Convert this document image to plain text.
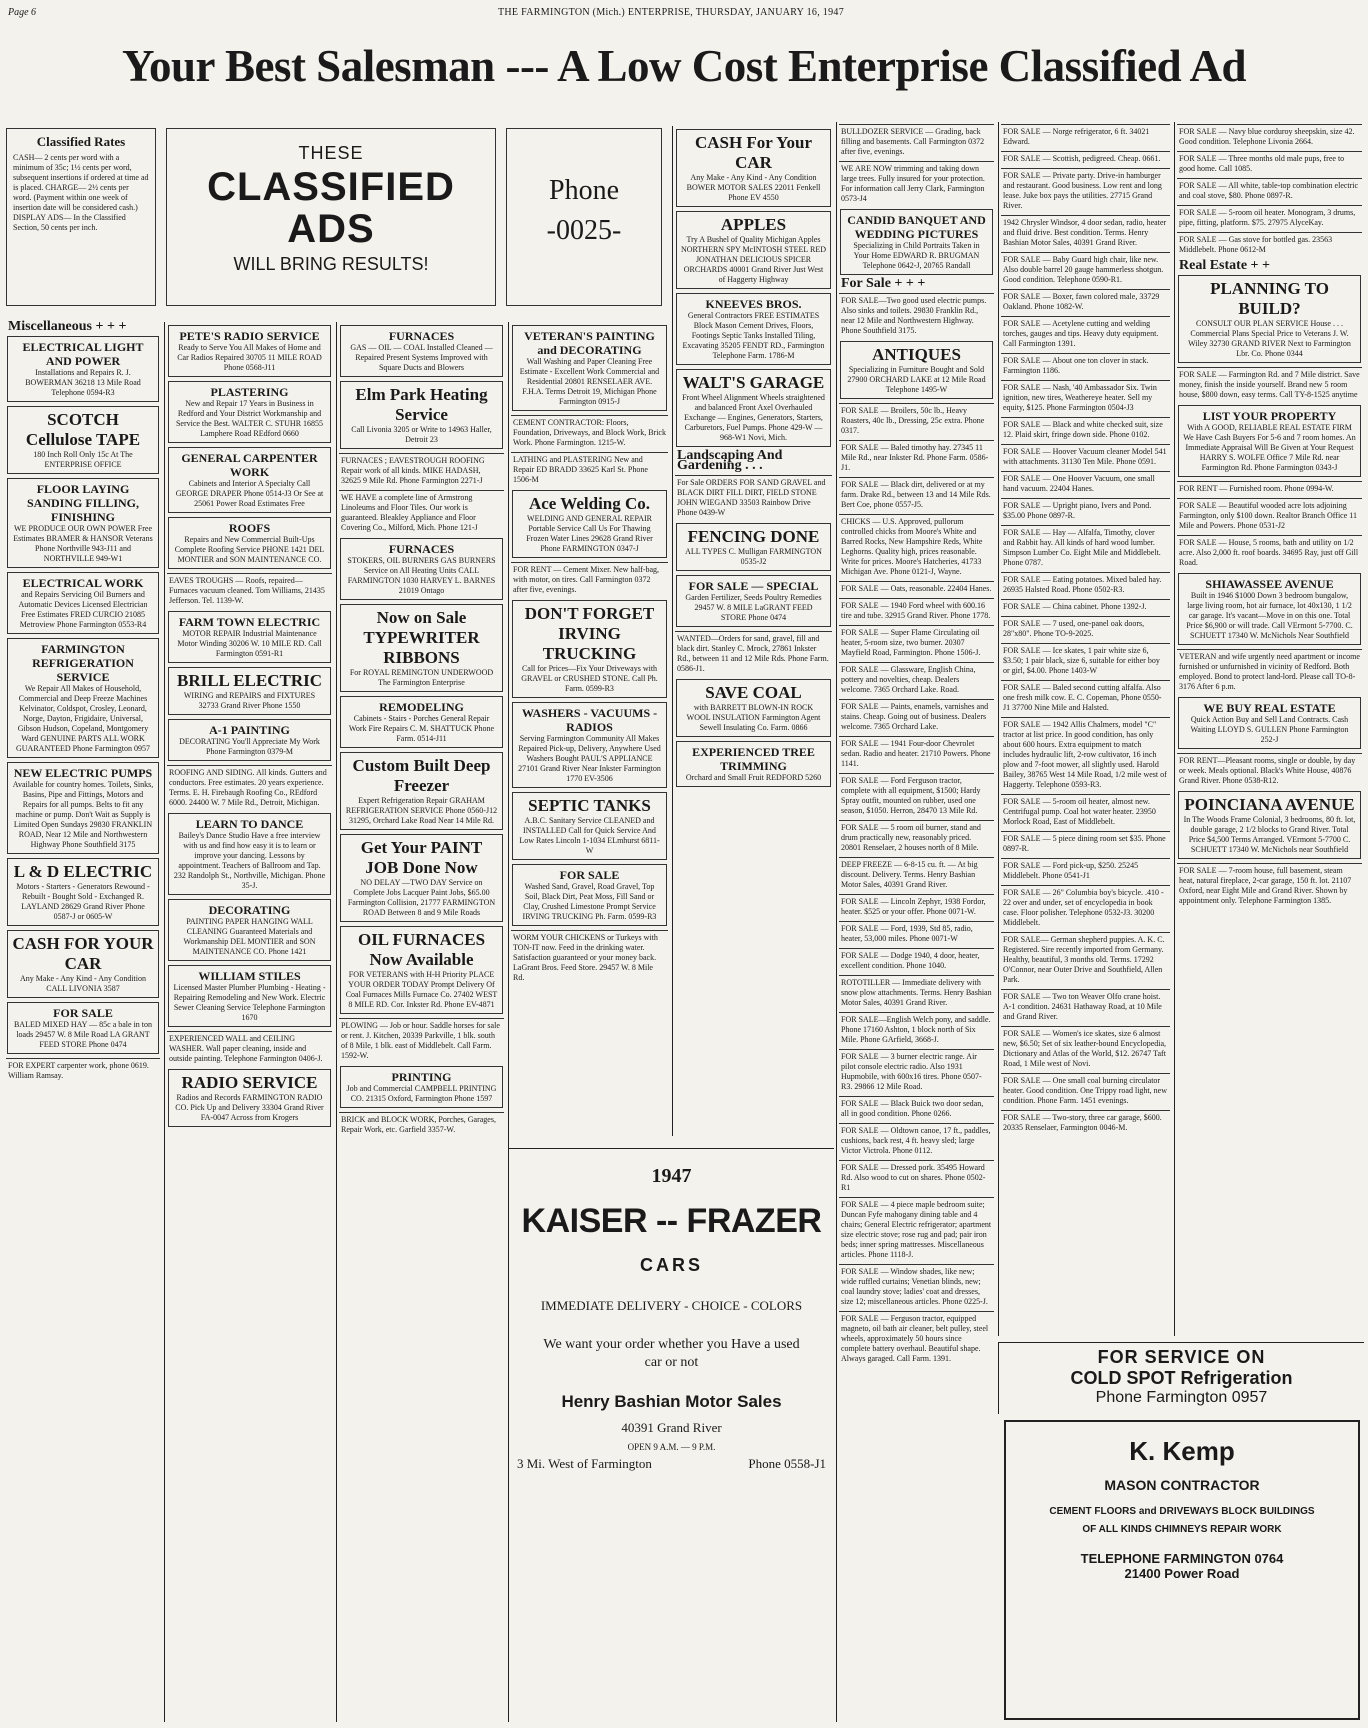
Page 6	THE FARMINGTON (Mich.) ENTERPRISE, THURSDAY, JANUARY 16, 1947
Your Best Salesman --- A Low Cost Enterprise Classified Ad
Classified Rates
CASH— 2 cents per word with a minimum of 35c; 1½ cents per word, subsequent insertions if ordered at time ad is placed. CHARGE— 2½ cents per word. (Payment within one week of insertion date will be considered cash.) DISPLAY ADS— In the Classified Section, 50 cents per inch.
THESE
CLASSIFIED
ADS
WILL BRING RESULTS!
Phone
-0025-
Miscellaneous + + +
ELECTRICAL LIGHT AND POWER
Installations and Repairs R. J. BOWERMAN 36218 13 Mile Road Telephone 0594-R3
SCOTCH Cellulose TAPE
180 Inch Roll Only 15c At The ENTERPRISE OFFICE
FLOOR LAYING SANDING FILLING, FINISHING
WE PRODUCE OUR OWN POWER Free Estimates BRAMER & HANSOR Veterans Phone Northville 943-J11 and NORTHVILLE 949-W1
ELECTRICAL WORK
and Repairs Servicing Oil Burners and Automatic Devices Licensed Electrician Free Estimates FRED CURCIO 21085 Metroview Phone Farmington 0553-R4
FARMINGTON REFRIGERATION SERVICE
We Repair All Makes of Household, Commercial and Deep Freeze Machines Kelvinator, Coldspot, Crosley, Leonard, Norge, Dayton, Frigidaire, Universal, Gibson Hudson, Copeland, Montgomery Ward GENUINE PARTS ALL WORK GUARANTEED Phone Farmington 0957
NEW ELECTRIC PUMPS
Available for country homes. Toilets, Sinks, Basins, Pipe and Fittings, Motors and Repairs for all pumps. Belts to fit any machine or pump. Don't Wait as Supply is Limited Open Sundays 29830 FRANKLIN ROAD, Near 12 Mile and Northwestern Highway Phone Southfield 3175
L & D ELECTRIC
Motors - Starters - Generators Rewound - Rebuilt - Bought Sold - Exchanged R. LAYLAND 28629 Grand River Phone 0587-J or 0605-W
CASH FOR YOUR CAR
Any Make - Any Kind - Any Condition CALL LIVONIA 3587
FOR SALE
BALED MIXED HAY — 85c a bale in ton loads 29457 W. 8 Mile Road LA GRANT FEED STORE Phone 0474
FOR EXPERT carpenter work, phone 0619. William Ramsay.
PETE'S RADIO SERVICE
Ready to Serve You All Makes of Home and Car Radios Repaired 30705 11 MILE ROAD Phone 0568-J11
PLASTERING
New and Repair 17 Years in Business in Redford and Your District Workmanship and Service the Best. WALTER C. STUHR 16855 Lamphere Road REdford 0660
GENERAL CARPENTER WORK
Cabinets and Interior A Specialty Call GEORGE DRAPER Phone 0514-J3 Or See at 25061 Power Road Estimates Free
ROOFS
Repairs and New Commercial Built-Ups Complete Roofing Service PHONE 1421 DEL MONTIER and SON MAINTENANCE CO.
EAVES TROUGHS — Roofs, repaired—Furnaces vacuum cleaned. Tom Williams, 21435 Jefferson. Tel. 1139-W.
FARM TOWN ELECTRIC
MOTOR REPAIR Industrial Maintenance Motor Winding 30206 W. 10 MILE RD. Call Farmington 0591-R1
BRILL ELECTRIC
WIRING and REPAIRS and FIXTURES 32733 Grand River Phone 1550
A-1 PAINTING
DECORATING You'll Appreciate My Work Phone Farmington 0379-M
ROOFING AND SIDING. All kinds. Gutters and conductors. Free estimates. 20 years experience. Terms. E. H. Firebaugh Roofing Co., REdford 6000. 24400 W. 7 Mile Rd., Detroit, Michigan.
LEARN TO DANCE
Bailey's Dance Studio Have a free interview with us and find how easy it is to learn or improve your dancing. Lessons by appointment. Teachers of Ballroom and Tap. 232 Randolph St., Northville, Michigan. Phone 35-J.
DECORATING
PAINTING PAPER HANGING WALL CLEANING Guaranteed Materials and Workmanship DEL MONTIER and SON MAINTENANCE CO. Phone 1421
WILLIAM STILES
Licensed Master Plumber Plumbing - Heating - Repairing Remodeling and New Work. Electric Sewer Cleaning Service Telephone Farmington 1670
EXPERIENCED WALL and CEILING WASHER. Wall paper cleaning, inside and outside painting. Telephone Farmington 0406-J.
RADIO SERVICE
Radios and Records FARMINGTON RADIO CO. Pick Up and Delivery 33304 Grand River FA-0047 Across from Krogers
FURNACES
GAS — OIL — COAL Installed Cleaned — Repaired Present Systems Improved with Square Ducts and Blowers
Elm Park Heating Service
Call Livonia 3205 or Write to 14963 Haller, Detroit 23
FURNACES ; EAVESTROUGH ROOFING Repair work of all kinds. MIKE HADASH, 32625 9 Mile Rd. Phone Farmington 2271-J
WE HAVE a complete line of Armstrong Linoleums and Floor Tiles. Our work is guaranteed. Bleakley Appliance and Floor Covering Co., Milford, Mich. Phone 121-J
FURNACES
STOKERS, OIL BURNERS GAS BURNERS Service on All Heating Units CALL FARMINGTON 1030 HARVEY L. BARNES 21019 Ontago
Now on Sale TYPEWRITER RIBBONS
For ROYAL REMINGTON UNDERWOOD The Farmington Enterprise
REMODELING
Cabinets - Stairs - Porches General Repair Work Fire Repairs C. M. SHATTUCK Phone Farm. 0514-J11
Custom Built Deep Freezer
Expert Refrigeration Repair GRAHAM REFRIGERATION SERVICE Phone 0560-J12 31295, Orchard Lake Road Near 14 Mile Rd.
Get Your PAINT JOB Done Now
NO DELAY —TWO DAY Service on Complete Jobs Lacquer Paint Jobs, $65.00 Farmington Collision, 21777 FARMINGTON ROAD Between 8 and 9 Mile Roads
OIL FURNACES Now Available
FOR VETERANS with H-H Priority PLACE YOUR ORDER TODAY Prompt Delivery Of Coal Furnaces Mills Furnace Co. 27402 WEST 8 MILE RD. Cor. Inkster Rd. Phone EV-4871
PLOWING — Job or hour. Saddle horses for sale or rent. J. Kitchen, 20339 Parkville, 1 blk. south of 8 Mile, 1 blk. east of Middlebelt. Call Farm. 1592-W.
PRINTING
Job and Commercial CAMPBELL PRINTING CO. 21315 Oxford, Farmington Phone 1597
BRICK and BLOCK WORK, Porches, Garages, Repair Work, etc. Garfield 3357-W.
VETERAN'S PAINTING and DECORATING
Wall Washing and Paper Cleaning Free Estimate - Excellent Work Commercial and Residential 20801 RENSELAER AVE. F.H.A. Terms Detroit 19, Michigan Phone Farmington 0915-J
CEMENT CONTRACTOR: Floors, Foundation, Driveways, and Block Work, Brick Work. Phone Farmington. 1215-W.
LATHING and PLASTERING New and Repair ED BRADD 33625 Karl St. Phone 1506-M
Ace Welding Co.
WELDING AND GENERAL REPAIR Portable Service Call Us For Thawing Frozen Water Lines 29628 Grand River Phone FARMINGTON 0347-J
FOR RENT — Cement Mixer. New half-bag, with motor, on tires. Call Farmington 0372 after five, evenings.
DON'T FORGET IRVING TRUCKING
Call for Prices—Fix Your Driveways with GRAVEL or CRUSHED STONE. Call Ph. Farm. 0599-R3
WASHERS - VACUUMS - RADIOS
Serving Farmington Community All Makes Repaired Pick-up, Delivery, Anywhere Used Washers Bought PAUL'S APPLIANCE 27101 Grand River Near Inkster Farmington 1770 EV-3506
SEPTIC TANKS
A.B.C. Sanitary Service CLEANED and INSTALLED Call for Quick Service And Low Rates Lincoln 1-1034 ELmhurst 6811-W
FOR SALE
Washed Sand, Gravel, Road Gravel, Top Soil, Black Dirt, Peat Moss, Fill Sand or Clay, Crushed Limestone Prompt Service IRVING TRUCKING Ph. Farm. 0599-R3
WORM YOUR CHICKENS or Turkeys with TON-IT now. Feed in the drinking water. Satisfaction guaranteed or your money back. LaGrant Bros. Feed Store. 29457 W. 8 Mile Rd.
CASH For Your CAR
Any Make - Any Kind - Any Condition BOWER MOTOR SALES 22011 Fenkell Phone EV 4550
APPLES
Try A Bushel of Quality Michigan Apples NORTHERN SPY McINTOSH STEEL RED JONATHAN DELICIOUS SPICER ORCHARDS 40001 Grand River Just West of Haggerty Highway
KNEEVES BROS.
General Contractors FREE ESTIMATES Block Mason Cement Drives, Floors, Footings Septic Tanks Installed Tiling, Excavating 35205 FENDT RD., Farmington Telephone Farm. 1786-M
WALT'S GARAGE
Front Wheel Alignment Wheels straightened and balanced Front Axel Overhauled Exchange — Engines, Generators, Starters, Carburetors, Fuel Pumps. Phone 429-W — 968-W1 Novi, Mich.
Landscaping And Gardening . . .
For Sale ORDERS FOR SAND GRAVEL and BLACK DIRT FILL DIRT, FIELD STONE JOHN WIEGAND 33503 Rainbow Drive Phone 0439-W
FENCING DONE
ALL TYPES C. Mulligan FARMINGTON 0535-J2
FOR SALE — SPECIAL
Garden Fertilizer, Seeds Poultry Remedies 29457 W. 8 MILE LaGRANT FEED STORE Phone 0474
WANTED—Orders for sand, gravel, fill and black dirt. Stanley C. Mrock, 27861 Inkster Rd., between 11 and 12 Mile Rds. Phone Farm. 0586-J1.
SAVE COAL
with BARRETT BLOWN-IN ROCK WOOL INSULATION Farmington Agent Sewell Insulating Co. Farm. 0866
EXPERIENCED TREE TRIMMING
Orchard and Small Fruit REDFORD 5260
BULLDOZER SERVICE — Grading, back filling and basements. Call Farmington 0372 after five, evenings.
WE ARE NOW trimming and taking down large trees. Fully insured for your protection. For information call Jerry Clark, Farmington 0573-J4
CANDID BANQUET AND WEDDING PICTURES
Specializing in Child Portraits Taken in Your Home EDWARD R. BRUGMAN Telephone 0642-J, 20765 Randall
For Sale + + +
FOR SALE—Two good used electric pumps. Also sinks and toilets. 29830 Franklin Rd., near 12 Mile and Northwestern Highway. Phone Southfield 3175.
ANTIQUES
Specializing in Furniture Bought and Sold 27900 ORCHARD LAKE at 12 Mile Road Telephone 1495-W
FOR SALE — Broilers, 50c lb., Heavy Roasters, 40c lb., Dressing, 25c extra. Phone 0317.
FOR SALE — Baled timothy hay. 27345 11 Mile Rd., near Inkster Rd. Phone Farm. 0586-J1.
FOR SALE — Black dirt, delivered or at my farm. Drake Rd., between 13 and 14 Mile Rds. Bert Coe, phone 0557-J5.
CHICKS — U.S. Approved, pullorum controlled chicks from Moore's White and Barred Rocks, New Hampshire Reds, White Leghorns. Quality high, prices reasonable. Write for prices. Moore's Hatcheries, 41733 Michigan Ave. Phone 0121-J, Wayne.
FOR SALE — Oats, reasonable. 22404 Hanes.
FOR SALE — 1940 Ford wheel with 600.16 tire and tube. 32915 Grand River. Phone 1778.
FOR SALE — Super Flame Circulating oil heater, 5-room size, two burner. 20307 Mayfield Road, Farmington. Phone 1506-J.
FOR SALE — Glassware, English China, pottery and novelties, cheap. Dealers welcome. 7365 Orchard Lake. Road.
FOR SALE — Paints, enamels, varnishes and stains. Cheap. Going out of business. Dealers welcome. 7365 Orchard Lake.
FOR SALE — 1941 Four-door Chevrolet sedan. Radio and heater. 21710 Powers. Phone 1141.
FOR SALE — Ford Ferguson tractor, complete with all equipment, $1500; Hardy Spray outfit, mounted on rubber, used one season, $1050. Herron, 28470 13 Mile Rd.
FOR SALE — 5 room oil burner, stand and drum practically new, reasonably priced. 20801 Renselaer, 2 houses north of 8 Mile.
DEEP FREEZE — 6-8-15 cu. ft. — At big discount. Delivery. Terms. Henry Bashian Motor Sales, 40391 Grand River.
FOR SALE — Lincoln Zephyr, 1938 Fordor, heater. $525 or your offer. Phone 0071-W.
FOR SALE — Ford, 1939, Std 85, radio, heater, 53,000 miles. Phone 0071-W
FOR SALE — Dodge 1940, 4 door, heater, excellent condition. Phone 1040.
ROTOTILLER — Immediate delivery with snow plow attachments. Terms. Henry Bashian Motor Sales, 40391 Grand River.
FOR SALE—English Welch pony, and saddle. Phone 17160 Ashton, 1 block north of Six Mile. Phone GArfield, 3668-J.
FOR SALE — 3 burner electric range. Air pilot console electric radio. Also 1931 Hupmobile, with 600x16 tires. Phone 0507-R3. 29866 12 Mile Road.
FOR SALE — Black Buick two door sedan, all in good condition. Phone 0266.
FOR SALE — Oldtown canoe, 17 ft., paddles, cushions, back rest, 4 ft. heavy sled; large Victor Victrola. Phone 0112.
FOR SALE — Dressed pork. 35495 Howard Rd. Also wood to cut on shares. Phone 0502-R1
FOR SALE — 4 piece maple bedroom suite; Duncan Fyfe mahogany dining table and 4 chairs; General Electric refrigerator; apartment size electric stove; rose rug and pad; pair iron beds; inner spring mattresses. Miscellaneous articles. Phone 1118-J.
FOR SALE — Window shades, like new; wide ruffled curtains; Venetian blinds, new; coal laundry stove; ladies' coat and dresses, size 12; miscellaneous articles. Phone 0225-J.
FOR SALE — Ferguson tractor, equipped magneto, oil bath air cleaner, belt pulley, steel wheels, approximately 50 hours since complete battery overhaul. Beautiful shape. Always garaged. Call Farm. 1391.
FOR SALE — Norge refrigerator, 6 ft. 34021 Edward.
FOR SALE — Scottish, pedigreed. Cheap. 0661.
FOR SALE — Private party. Drive-in hamburger and restaurant. Good business. Low rent and long lease. Juke box pays the utilities. 27715 Grand River.
1942 Chrysler Windsor, 4 door sedan, radio, heater and fluid drive. Best condition. Terms. Henry Bashian Motor Sales, 40391 Grand River.
FOR SALE — Baby Guard high chair, like new. Also double barrel 20 gauge hammerless shotgun. Good condition. Telephone 0590-R1.
FOR SALE — Boxer, fawn colored male, 33729 Oakland. Phone 1082-W.
FOR SALE — Acetylene cutting and welding torches, gauges and tips. Heavy duty equipment. Call Farmington 1391.
FOR SALE — About one ton clover in stack. Farmington 1186.
FOR SALE — Nash, '40 Ambassador Six. Twin ignition, new tires, Weathereye heater. Sell my equity, $125. Phone Farmington 0504-J3
FOR SALE — Black and white checked suit, size 12. Plaid skirt, fringe down side. Phone 0102.
FOR SALE — Hoover Vacuum cleaner Model 541 with attachments. 31130 Ten Mile. Phone 0591.
FOR SALE — One Hoover Vacuum, one small hand vacuum. 22404 Hanes.
FOR SALE — Upright piano, Ivers and Pond. $35.00 Phone 0897-R.
FOR SALE — Hay — Alfalfa, Timothy, clover and Rabbit hay. All kinds of hard wood lumber. Simpson Lumber Co. Eight Mile and Middlebelt. Phone 0787.
FOR SALE — Eating potatoes. Mixed baled hay. 26935 Halsted Road. Phone 0502-R3.
FOR SALE — China cabinet. Phone 1392-J.
FOR SALE — 7 used, one-panel oak doors, 28"x80". Phone TO-9-2025.
FOR SALE — Ice skates, 1 pair white size 6, $3.50; 1 pair black, size 6, suitable for either boy or girl, $4.00. Phone 1403-W
FOR SALE — Baled second cutting alfalfa. Also one fresh milk cow. E. C. Copeman, Phone 0550-J1 37700 Nine Mile and Halsted.
FOR SALE — 1942 Allis Chalmers, model "C" tractor at list price. In good condition, has only about 600 hours. Extra equipment to match includes hydraulic lift, 2-row cultivator, 16 inch plow and 7-foot mower, all slightly used. Harold Bailey, 38765 West 14 Mile Road, 1/2 mile west of Haggerty. Telephone 0593-R3.
FOR SALE — 5-room oil heater, almost new. Centrifugal pump. Coal hot water heater. 23950 Morlock Road, East of Middlebelt.
FOR SALE — 5 piece dining room set $35. Phone 0897-R.
FOR SALE — Ford pick-up, $250. 25245 Middlebelt. Phone 0541-J1
FOR SALE — 26" Columbia boy's bicycle. .410 - 22 over and under, set of encyclopedia in book case. Floor polisher. Telephone 0532-J3. 30200 Middlebelt.
FOR SALE— German shepherd puppies. A. K. C. Registered. Sire recently imported from Germany. Healthy, beautiful, 3 months old. Terms. 17292 O'Connor, near Outer Drive and Southfield, Allen Park.
FOR SALE — Two ton Weaver Olfo crane hoist. A-1 condition. 24631 Hathaway Road, at 10 Mile and Grand River.
FOR SALE — Women's ice skates, size 6 almost new, $6.50; Set of six leather-bound Encyclopedia, Dictionary and Atlas of the World, $12. 26747 Taft Road, 1 Mile west of Novi.
FOR SALE — One small coal burning circulator heater. Good condition. One Trippy road light, new condition. Phone Farm. 1451 evenings.
FOR SALE — Two-story, three car garage, $600. 20335 Renselaer, Farmington 0046-M.
FOR SALE — Navy blue corduroy sheepskin, size 42. Good condition. Telephone Livonia 2664.
FOR SALE — Three months old male pups, free to good home. Call 1085.
FOR SALE — All white, table-top combination electric and coal stove, $80. Phone 0897-R.
FOR SALE — 5-room oil heater. Monogram, 3 drums, pipe, fitting, platform. $75. 27975 AlyceKay.
FOR SALE — Gas stove for bottled gas. 23563 Middlebelt. Phone 0612-M
Real Estate + +
PLANNING TO BUILD?
CONSULT OUR PLAN SERVICE House . . . Commercial Plans Special Price to Veterans J. W. Wiley 32730 GRAND RIVER Next to Farmington Lbr. Co. Phone 0344
FOR SALE — Farmington Rd. and 7 Mile district. Save money, finish the inside yourself. Brand new 5 room house, $800 down, easy terms. Call TY-8-1525 anytime
LIST YOUR PROPERTY
With A GOOD, RELIABLE REAL ESTATE FIRM We Have Cash Buyers For 5-6 and 7 room homes. An Immediate Appraisal Will Be Given at Your Request HARRY S. WOLFE Office 7 Mile Rd. near Farmington Rd. Phone Farmington 0343-J
FOR RENT — Furnished room. Phone 0994-W.
FOR SALE — Beautiful wooded acre lots adjoining Farmington, only $100 down. Realtor Branch Office 11 Mile and Powers. Phone 0531-J2
FOR SALE — House, 5 rooms, bath and utility on 1/2 acre. Also 2,000 ft. roof boards. 34695 Ray, just off Gill Road.
SHIAWASSEE AVENUE
Built in 1946 $1000 Down 3 bedroom bungalow, large living room, hot air furnace, lot 40x130, 1 1/2 car garage. It's vacant—Move in on this one. Total Price $6,900 or will trade. Call VErmont 5-7700. C. SCHUETT 17340 W. McNichols Near Southfield
VETERAN and wife urgently need apartment or income furnished or unfurnished in vicinity of Redford. Both employed. Bond to protect land-lord. Please call TO-8-3176 After 6 p.m.
WE BUY REAL ESTATE
Quick Action Buy and Sell Land Contracts. Cash Waiting LLOYD S. GULLEN Phone Farmington 252-J
FOR RENT—Pleasant rooms, single or double, by day or week. Meals optional. Black's White House, 40876 Grand River. Phone 0538-R12.
POINCIANA AVENUE
In The Woods Frame Colonial, 3 bedrooms, 80 ft. lot, double garage, 2 1/2 blocks to Grand River. Total Price $4,500 Terms Arranged. VErmont 5-7700 C. SCHUETT 17340 W. McNichols near Southfield
FOR SALE — 7-room house, full basement, steam heat, natural fireplace, 2-car garage, 150 ft. lot. 21107 Oxford, near Eight Mile and Grand River. Shown by appointment only. Telephone Farmington 1385.
1947
KAISER -- FRAZER
CARS
IMMEDIATE DELIVERY - CHOICE - COLORS
We want your order whether you Have a used car or not
Henry Bashian Motor Sales
40391 Grand River
OPEN 9 A.M. — 9 P.M.
3 Mi. West of Farmington	Phone 0558-J1
FOR SERVICE ON
COLD SPOT Refrigeration
Phone Farmington 0957
K. Kemp
MASON CONTRACTOR
CEMENT FLOORS and DRIVEWAYS BLOCK BUILDINGS OF ALL KINDS CHIMNEYS REPAIR WORK
TELEPHONE FARMINGTON 0764
21400 Power Road
